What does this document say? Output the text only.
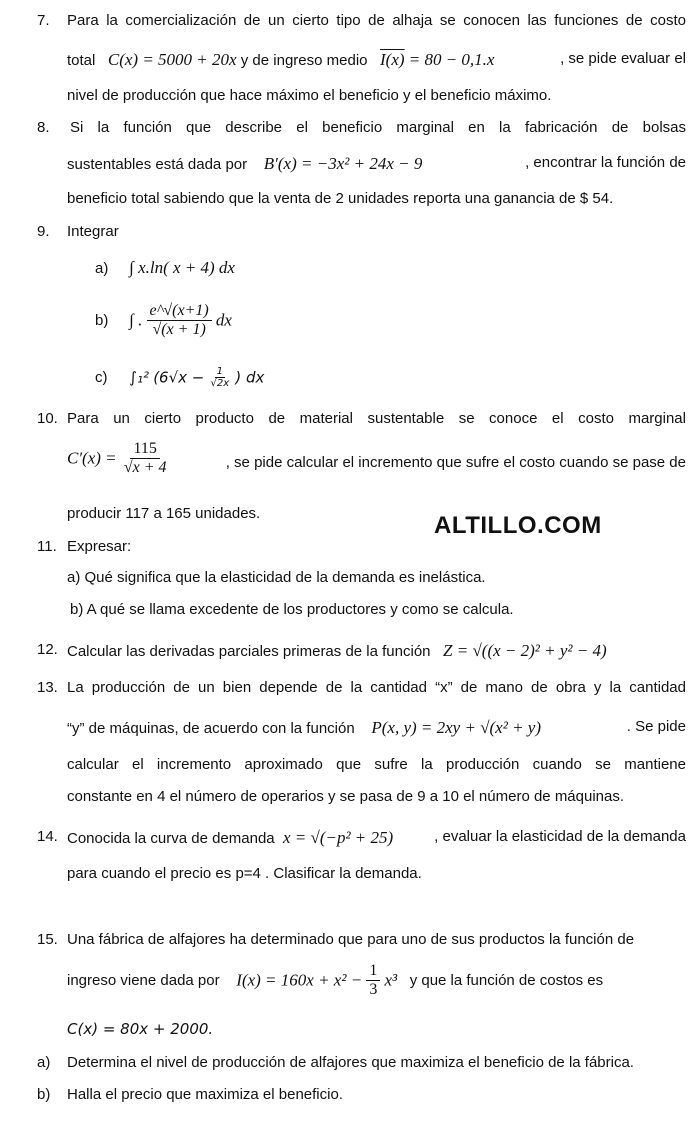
7. Para la comercialización de un cierto tipo de alhaja se conocen las funciones de costo
total C(x) = 5000 + 20x y de ingreso medio I(x) = 80 − 0,1.x	, se pide evaluar el
nivel de producción que hace máximo el beneficio y el beneficio máximo.
8. Si la función que describe el beneficio marginal en la fabricación de bolsas
sustentables está dada por B′(x) = −3x² + 24x − 9	, encontrar la función de
beneficio total sabiendo que la venta de 2 unidades reporta una ganancia de $ 54.
9. Integrar
a) ∫ x.ln( x + 4) dx
b) ∫ . $\frac{e\^{}√(x+1)}{√(x + 1)}$ dx
c) ∫₁² ($6√x - \frac{1}{√2x}$ ) dx
10. Para un cierto producto de material sustentable se conoce el costo marginal
$C'(x) = \frac{115}{√x + 4}$	, se pide calcular el incremento que sufre el costo cuando se pase de
producir 117 a 165 unidades.	ALTILLO.COM
11. Expresar:
a) Qué significa que la elasticidad de la demanda es inelástica.
b) A qué se llama excedente de los productores y como se calcula.
12. Calcular las derivadas parciales primeras de la función Z = √((x − 2)² + y² − 4)
13. La producción de un bien depende de la cantidad “x” de mano de obra y la cantidad
“y” de máquinas, de acuerdo con la función P(x, y) = 2xy + √(x² + y)	. Se pide
calcular el incremento aproximado que sufre la producción cuando se mantiene
constante en 4 el número de operarios y se pasa de 9 a 10 el número de máquinas.
14. Conocida la curva de demanda x = √(−p² + 25)	, evaluar la elasticidad de la demanda
para cuando el precio es p=4 . Clasificar la demanda.
15. Una fábrica de alfajores ha determinado que para uno de sus productos la función de
ingreso viene dada por $I(x) = 160x + x^2 - \frac{1}{3} x^3$ y que la función de costos es
C(x) = 80x + 2000.
a) Determina el nivel de producción de alfajores que maximiza el beneficio de la fábrica.
b) Halla el precio que maximiza el beneficio.
